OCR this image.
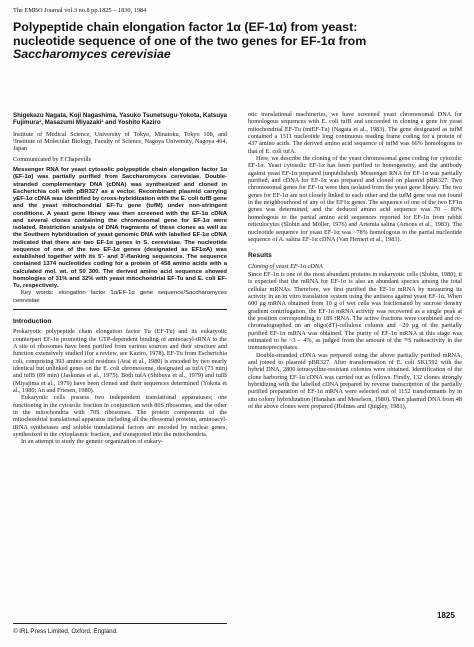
The EMBO Journal vol.3 no.8 pp.1825 – 1830, 1984
Polypeptide chain elongation factor 1α (EF-1α) from yeast:
nucleotide sequence of one of the two genes for EF-1α from
Saccharomyces cerevisiae

Shigekazu Nagata, Koji Nagashima, Yasuko Tsunetsugu-Yokota, Katsuya Fujimura¹, Masazumi Miyazaki¹ and Yoshito Kaziro

Institute of Medical Science, University of Tokyo, Minatoku, Tokyo 108, and ¹Institute of Molecular Biology, Faculty of Science, Nagoya University, Nagoya 464, Japan

Communicated by F.Chapeville

Messenger RNA for yeast cytosolic polypeptide chain elongation factor 1α (EF-1α) was partially purified from Saccharomyces cerevisiae. Double-stranded complementary DNA (cDNA) was synthesized and cloned in Escherichia coli with pBR327 as a vector. Recombinant plasmid carrying yEF-1α cDNA was identified by cross-hybridization with the E. coli tufB gene and the yeast mitochondrial EF-Tu gene (tufM) under non-stringent conditions. A yeast gene library was then screened with the EF-1α cDNA and several clones containing the chromosomal gene for EF-1α were isolated. Restriction analysis of DNA fragments of these clones as well as the Southern hybridization of yeast genomic DNA with labelled EF-1α cDNA indicated that there are two EF-1α genes in S. cerevisiae. The nucleotide sequence of one of the two EF-1α genes (designated as EF1αA) was established together with its 5′- and 3′-flanking sequences. The sequence contained 1374 nucleotides coding for a protein of 458 amino acids with a calculated mol. wt. of 50 300. The derived amino acid sequence showed homologies of 31% and 32% with yeast mitochondrial EF-Tu and E. coli EF-Tu, respectively.

Key words: elongation factor 1α/EF-1α gene sequence/Saccharomyces cerevisiae

Introduction

Prokaryotic polypeptide chain elongation factor Tu (EF-Tu) and its eukaryotic counterpart EF-1α promoting the GTP-dependent binding of aminoacyl-tRNA to the A site of ribosomes have been purified from various sources and their structure and function extensively studied (for a review, see Kaziro, 1978). EF-Tu from Escherichia coli, comprising 393 amino acid residues (Arai et al., 1980) is encoded by two nearly identical but unlinked genes on the E. coli chromosome, designated as tufA (73 min) and tufB (89 min) (Jaskunas et al., 1975). Both tufA (Shibuya et al., 1979) and tufB (Miyajima et al., 1979) have been cloned and their sequences determined (Yokota et al., 1980; An and Friesen, 1980).

Eukaryotic cells possess two independent translational apparatuses; one functioning in the cytosolic fraction in conjunction with 80S ribosomes, and the other in the mitochondria with 70S ribosomes. The protein components of the mitochondrial translational apparatus including all the ribosomal proteins, aminoacyl-tRNA synthetases and soluble translational factors are encoded by nuclear genes, synthesized in the cytoplasmic fraction, and transported into the mitochondria.

In an attempt to study the genetic organization of eukary-

otic translational machineries, we have screened yeast chromosomal DNA for homologous sequences with E. coli tufB and succeeded in cloning a gene for yeast mitochondrial EF-Tu (mtEF-Tu) (Nagata et al., 1983). The gene designated as tufM contained a 1311 nucleotide long continuous reading frame coding for a protein of 437 amino acids. The derived amino acid sequence of tufM was 66% homologous to that of E. coli tufA.

Here, we describe the cloning of the yeast chromosomal gene coding for cytosolic EF-1α. Yeast cytosolic EF-1α has been purified to homogeneity, and the antibody against yeast EF-1α prepared (unpublished). Messenger RNA for EF-1α was partially purified, and cDNA for EF-1α was prepared and cloned on plasmid pBR327. Two chromosomal genes for EF-1α were then isolated from the yeast gene library. The two genes for EF-1α are not closely linked to each other and the tufM gene was not found in the neighbourhood of any of the EF1α genes. The sequence of one of the two EF1α genes was determined, and the deduced amino acid sequence was 70 – 80% homologous to the partial amino acid sequences reported for EF-1α from rabbit reticulocytes (Slobin and Möller, 1976) and Artemia salina (Amons et al., 1983). The nucleotide sequence for yeast EF-1α was ~78% homologous to the partial nucleotide sequence of A. salina EF-1α cDNA (Van Hemert et al., 1983).

Results

Cloning of yeast EF-1α cDNA

Since EF-1α is one of the most abundant proteins in eukaryotic cells (Slobin, 1980), it is expected that the mRNA for EF-1α is also an abundant species among the total cellular mRNAs. Therefore, we first purified the EF-1α mRNA by measuring its activity in an in vitro translation system using the antisera against yeast EF-1α. When 600 μg mRNA obtained from 10 g of wet cells was fractionated by sucrose density gradient centrifugation, the EF-1α mRNA activity was recovered as a single peak at the position corresponding to 18S rRNA. The active fractions were combined and re-chromatographed on an oligo(dT)-cellulose column and ~20 μg of the partially purified EF-1α mRNA was obtained. The purity of EF-1α mRNA at this stage was estimated to be ~3 – 4%, as judged from the amount of the ³⁵S radioactivity in the immunoprecipitates.

Double-stranded cDNA was prepared using the above partially purified mRNA, and joined to plasmid pBR327. After transformation of E. coli SK1592 with the hybrid DNA, 2800 tetracycline-resistant colonies were obtained. Identification of the clone harboring EF-1α cDNA was carried out as follows. Firstly, 132 clones strongly hybridizing with the labelled cDNA prepared by reverse transcription of the partially purified preparation of EF-1α mRNA were selected out of 1152 transformants by in situ colony hybridization (Hanahan and Meselson, 1980). Then plasmid DNA from 48 of the above clones were prepared (Holmes and Quigley, 1981),

© IRL Press Limited, Oxford, England.
1825
